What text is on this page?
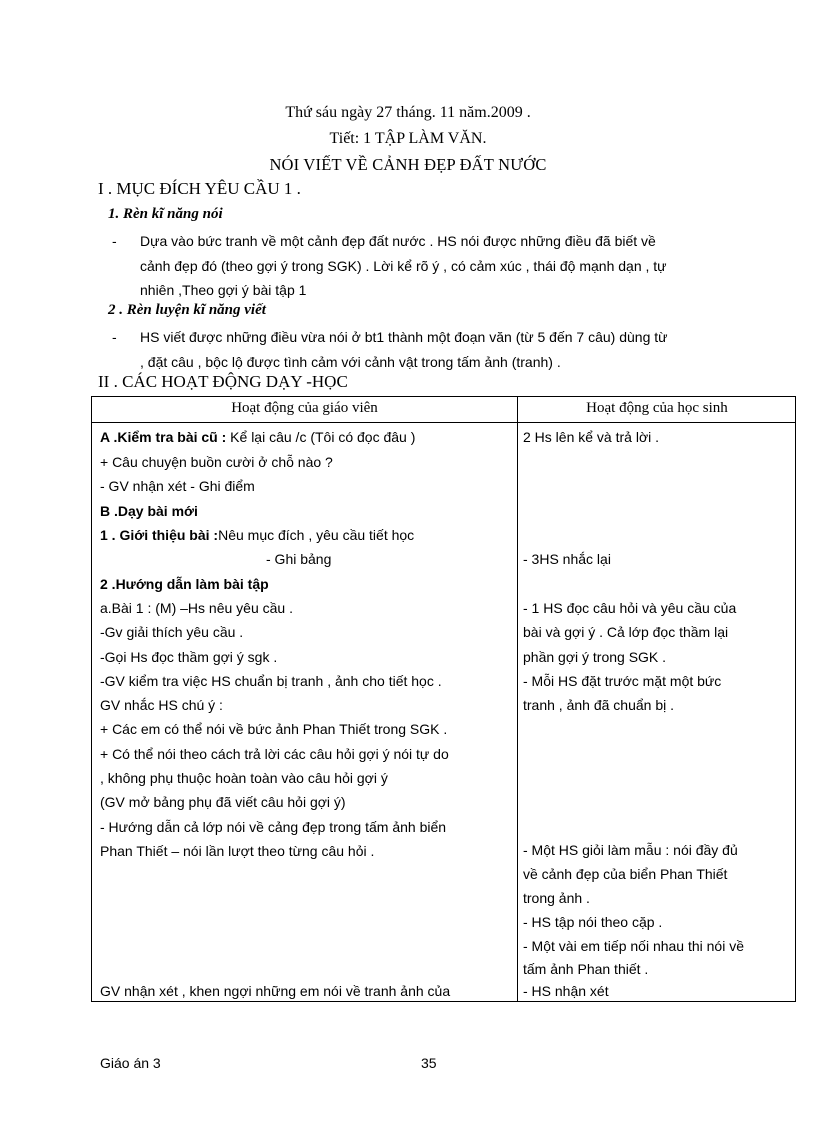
Thứ sáu ngày 27 tháng. 11 năm.2009 .
Tiết: 1 TẬP LÀM VĂN.
NÓI VIẾT VỀ CẢNH ĐẸP ĐẤT NƯỚC
I . MỤC ĐÍCH YÊU CẦU 1 .
1. Rèn kĩ năng nói
- Dựa vào bức tranh về một cảnh đẹp đất nước . HS nói được những điều đã biết về
cảnh đẹp đó (theo gợi ý trong SGK) . Lời kể rõ ý , có cảm xúc , thái độ mạnh dạn , tự
nhiên ,Theo gợi ý bài tập 1
2 . Rèn luyện kĩ năng viết
- HS viết được những điều vừa nói ở bt1 thành một đoạn văn (từ 5 đến 7 câu) dùng từ
, đặt câu , bộc lộ được tình cảm với cảnh vật trong tấm ảnh (tranh) .
II . CÁC HOẠT ĐỘNG DẠY -HỌC
Hoạt động của giáo viên	Hoạt động của học sinh
A .Kiểm tra bài cũ : Kể lại câu /c (Tôi có đọc đâu )
+ Câu chuyện buồn cười ở chỗ nào ?
- GV nhận xét - Ghi điểm
B .Dạy bài mới
1 . Giới thiệu bài :Nêu mục đích , yêu cầu tiết học
- Ghi bảng
2 .Hướng dẫn làm bài tập
a.Bài 1 : (M) –Hs nêu yêu cầu .
-Gv giải thích yêu cầu .
-Gọi Hs đọc thầm gợi ý sgk .
-GV kiểm tra việc HS chuẩn bị tranh , ảnh cho tiết học .
GV nhắc HS chú ý :
+ Các em có thể nói về bức ảnh Phan Thiết trong SGK .
+ Có thể nói theo cách trả lời các câu hỏi gợi ý nói tự do
, không phụ thuộc hoàn toàn vào câu hỏi gợi ý
(GV mở bảng phụ đã viết câu hỏi gợi ý)
- Hướng dẫn cả lớp nói về cảng đẹp trong tấm ảnh biển
Phan Thiết – nói lần lượt theo từng câu hỏi .
GV nhận xét , khen ngợi những em nói về tranh ảnh của
2 Hs lên kể và trả lời .
- 3HS nhắc lại
- 1 HS đọc câu hỏi và yêu cầu của
bài và gợi ý . Cả lớp đọc thầm lại
phần gợi ý trong SGK .
- Mỗi HS đặt trước mặt một bức
tranh , ảnh đã chuẩn bị .
- Một HS giỏi làm mẫu : nói đầy đủ
về cảnh đẹp của biển Phan Thiết
trong ảnh .
- HS tập nói theo cặp .
- Một vài em tiếp nối nhau thi nói về
tấm ảnh Phan thiết .
- HS nhận xét
Giáo án 3	35
